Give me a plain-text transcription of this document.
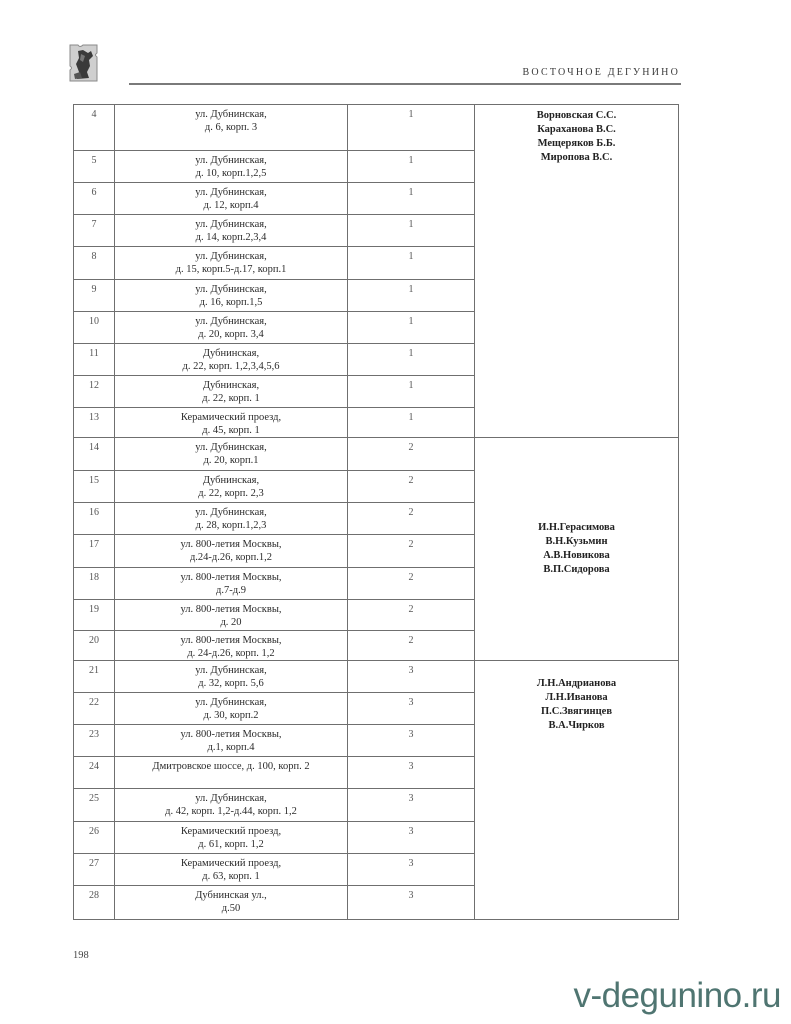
ВОСТОЧНОЕ ДЕГУНИНО
4	ул. Дубнинская,
д. 6, корп. 3	1	Ворновская С.С.
Караханова В.С.
Мещеряков Б.Б.
Миропова В.С.

5	ул. Дубнинская,
д. 10, корп.1,2,5	1	
6	ул. Дубнинская,
д. 12, корп.4	1	
7	ул. Дубнинская,
д. 14, корп.2,3,4	1	
8	ул. Дубнинская,
д. 15, корп.5-д.17, корп.1	1	
9	ул. Дубнинская,
д. 16, корп.1,5	1	
10	ул. Дубнинская,
д. 20, корп. 3,4	1	
11	Дубнинская,
д. 22, корп. 1,2,3,4,5,6	1	
12	Дубнинская,
д. 22, корп. 1	1	
13	Керамический проезд,
д. 45, корп. 1	1	
14	ул. Дубнинская,
д. 20, корп.1	2	И.Н.Герасимова
В.Н.Кузьмин
А.В.Новикова
В.П.Сидорова

15	Дубнинская,
д. 22, корп. 2,3	2	
16	ул. Дубнинская,
д. 28, корп.1,2,3	2	
17	ул. 800-летия Москвы,
д.24-д.26, корп.1,2	2	
18	ул. 800-летия Москвы,
д.7-д.9	2	
19	ул. 800-летия Москвы,
д. 20	2	
20	ул. 800-летия Москвы,
д. 24-д.26, корп. 1,2	2	
21	ул. Дубнинская,
д. 32, корп. 5,6	3	Л.Н.Андрианова
Л.Н.Иванова
П.С.Звягинцев
В.А.Чирков

22	ул. Дубнинская,
д. 30, корп.2	3	
23	ул. 800-летия Москвы,
д.1, корп.4	3	
24	Дмитровское шоссе, д. 100, корп. 2	3	
25	ул. Дубнинская,
д. 42, корп. 1,2-д.44, корп. 1,2	3	
26	Керамический проезд,
д. 61, корп. 1,2	3	
27	Керамический проезд,
д. 63, корп. 1	3	
28	Дубнинская ул.,
д.50	3	
198
v-degunino.ru
